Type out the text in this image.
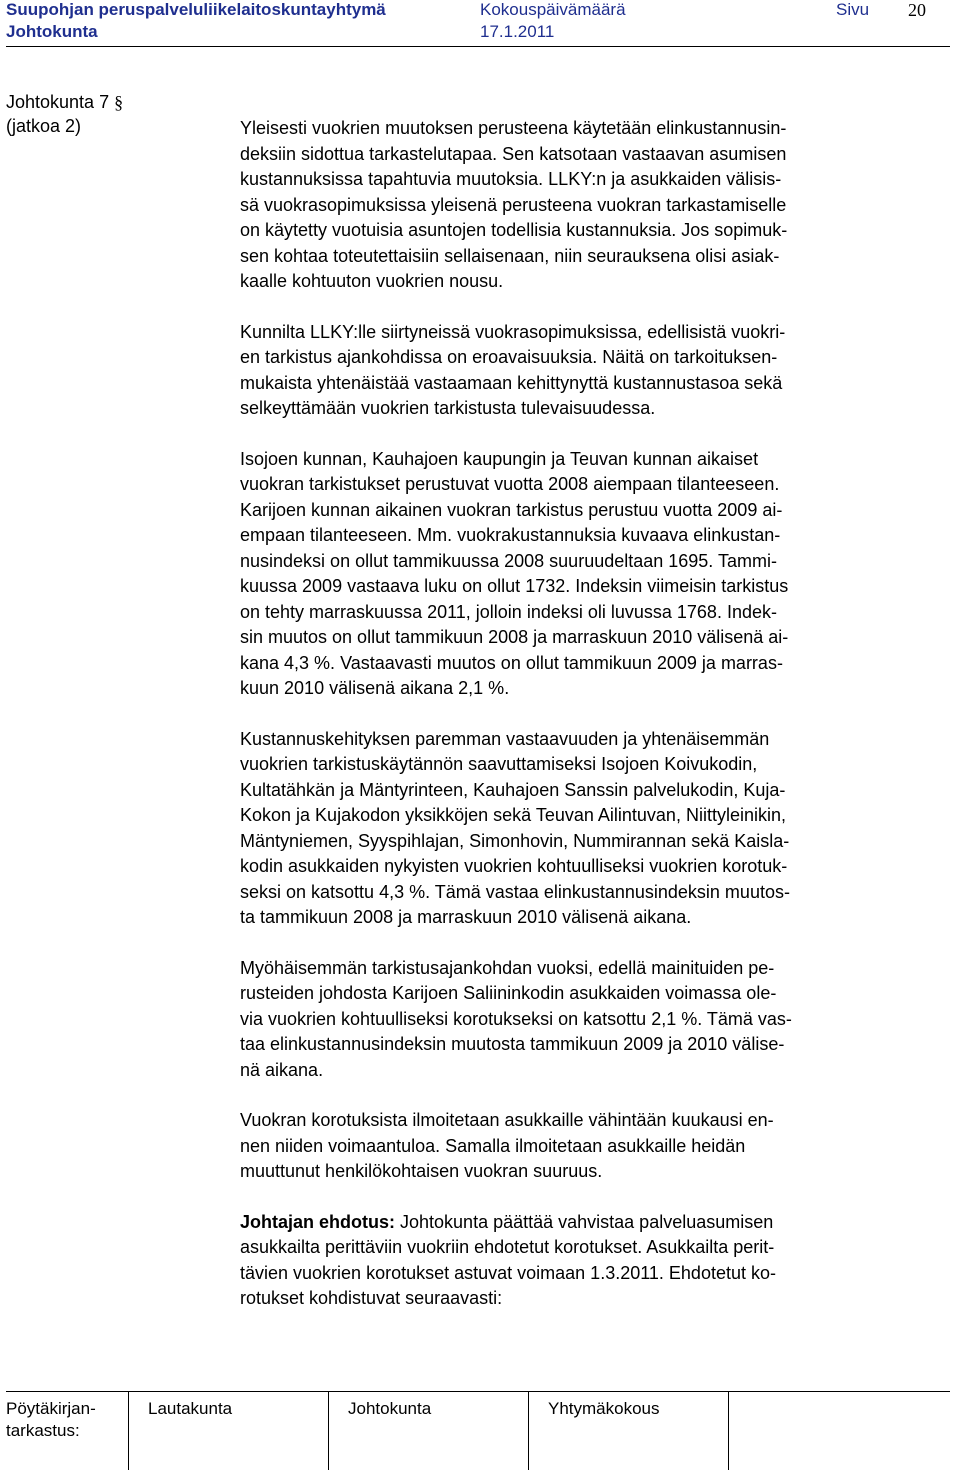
Suupohjan peruspalveluliikelaitoskuntayhtymä
Johtokunta
Kokouspäivämäärä
17.1.2011
Sivu 20
Johtokunta 7 §
(jatkoa 2)	Yleisesti vuokrien muutoksen perusteena käytetään elinkustannusin-
deksiin sidottua tarkastelutapaa. Sen katsotaan vastaavan asumisen
kustannuksissa tapahtuvia muutoksia. LLKY:n ja asukkaiden välisis-
sä vuokrasopimuksissa yleisenä perusteena vuokran tarkastamiselle
on käytetty vuotuisia asuntojen todellisia kustannuksia. Jos sopimuk-
sen kohtaa toteutettaisiin sellaisenaan, niin seurauksena olisi asiak-
kaalle kohtuuton vuokrien nousu.

Kunnilta LLKY:lle siirtyneissä vuokrasopimuksissa, edellisistä vuokri-
en tarkistus ajankohdissa on eroavaisuuksia. Näitä on tarkoituksen-
mukaista yhtenäistää vastaamaan kehittynyttä kustannustasoa sekä
selkeyttämään vuokrien tarkistusta tulevaisuudessa.

Isojoen kunnan, Kauhajoen kaupungin ja Teuvan kunnan aikaiset
vuokran tarkistukset perustuvat vuotta 2008 aiempaan tilanteeseen.
Karijoen kunnan aikainen vuokran tarkistus perustuu vuotta 2009 ai-
empaan tilanteeseen. Mm. vuokrakustannuksia kuvaava elinkustan-
nusindeksi on ollut tammikuussa 2008 suuruudeltaan 1695. Tammi-
kuussa 2009 vastaava luku on ollut 1732. Indeksin viimeisin tarkistus
on tehty marraskuussa 2011, jolloin indeksi oli luvussa 1768. Indek-
sin muutos on ollut tammikuun 2008 ja marraskuun 2010 välisenä ai-
kana 4,3 %. Vastaavasti muutos on ollut tammikuun 2009 ja marras-
kuun 2010 välisenä aikana 2,1 %.

Kustannuskehityksen paremman vastaavuuden ja yhtenäisemmän
vuokrien tarkistuskäytännön saavuttamiseksi Isojoen Koivukodin,
Kultatähkän ja Mäntyrinteen, Kauhajoen Sanssin palvelukodin, Kuja-
Kokon ja Kujakodon yksikköjen sekä Teuvan Ailintuvan, Niittyleinikin,
Mäntyniemen, Syyspihlajan, Simonhovin, Nummirannan sekä Kaisla-
kodin asukkaiden nykyisten vuokrien kohtuulliseksi vuokrien korotuk-
seksi on katsottu 4,3 %. Tämä vastaa elinkustannusindeksin muutos-
ta tammikuun 2008 ja marraskuun 2010 välisenä aikana.

Myöhäisemmän tarkistusajankohdan vuoksi, edellä mainituiden pe-
rusteiden johdosta Karijoen Saliininkodin asukkaiden voimassa ole-
via vuokrien kohtuulliseksi korotukseksi on katsottu 2,1 %. Tämä vas-
taa elinkustannusindeksin muutosta tammikuun 2009 ja 2010 välise-
nä aikana.

Vuokran korotuksista ilmoitetaan asukkaille vähintään kuukausi en-
nen niiden voimaantuloa. Samalla ilmoitetaan asukkaille heidän
muuttunut henkilökohtaisen vuokran suuruus.

Johtajan ehdotus: Johtokunta päättää vahvistaa palveluasumisen
asukkailta perittäviin vuokriin ehdotetut korotukset. Asukkailta perit-
tävien vuokrien korotukset astuvat voimaan 1.3.2011. Ehdotetut ko-
rotukset kohdistuvat seuraavasti:

Pöytäkirjan-
tarkastus:
Lautakunta	Johtokunta	Yhtymäkokous
